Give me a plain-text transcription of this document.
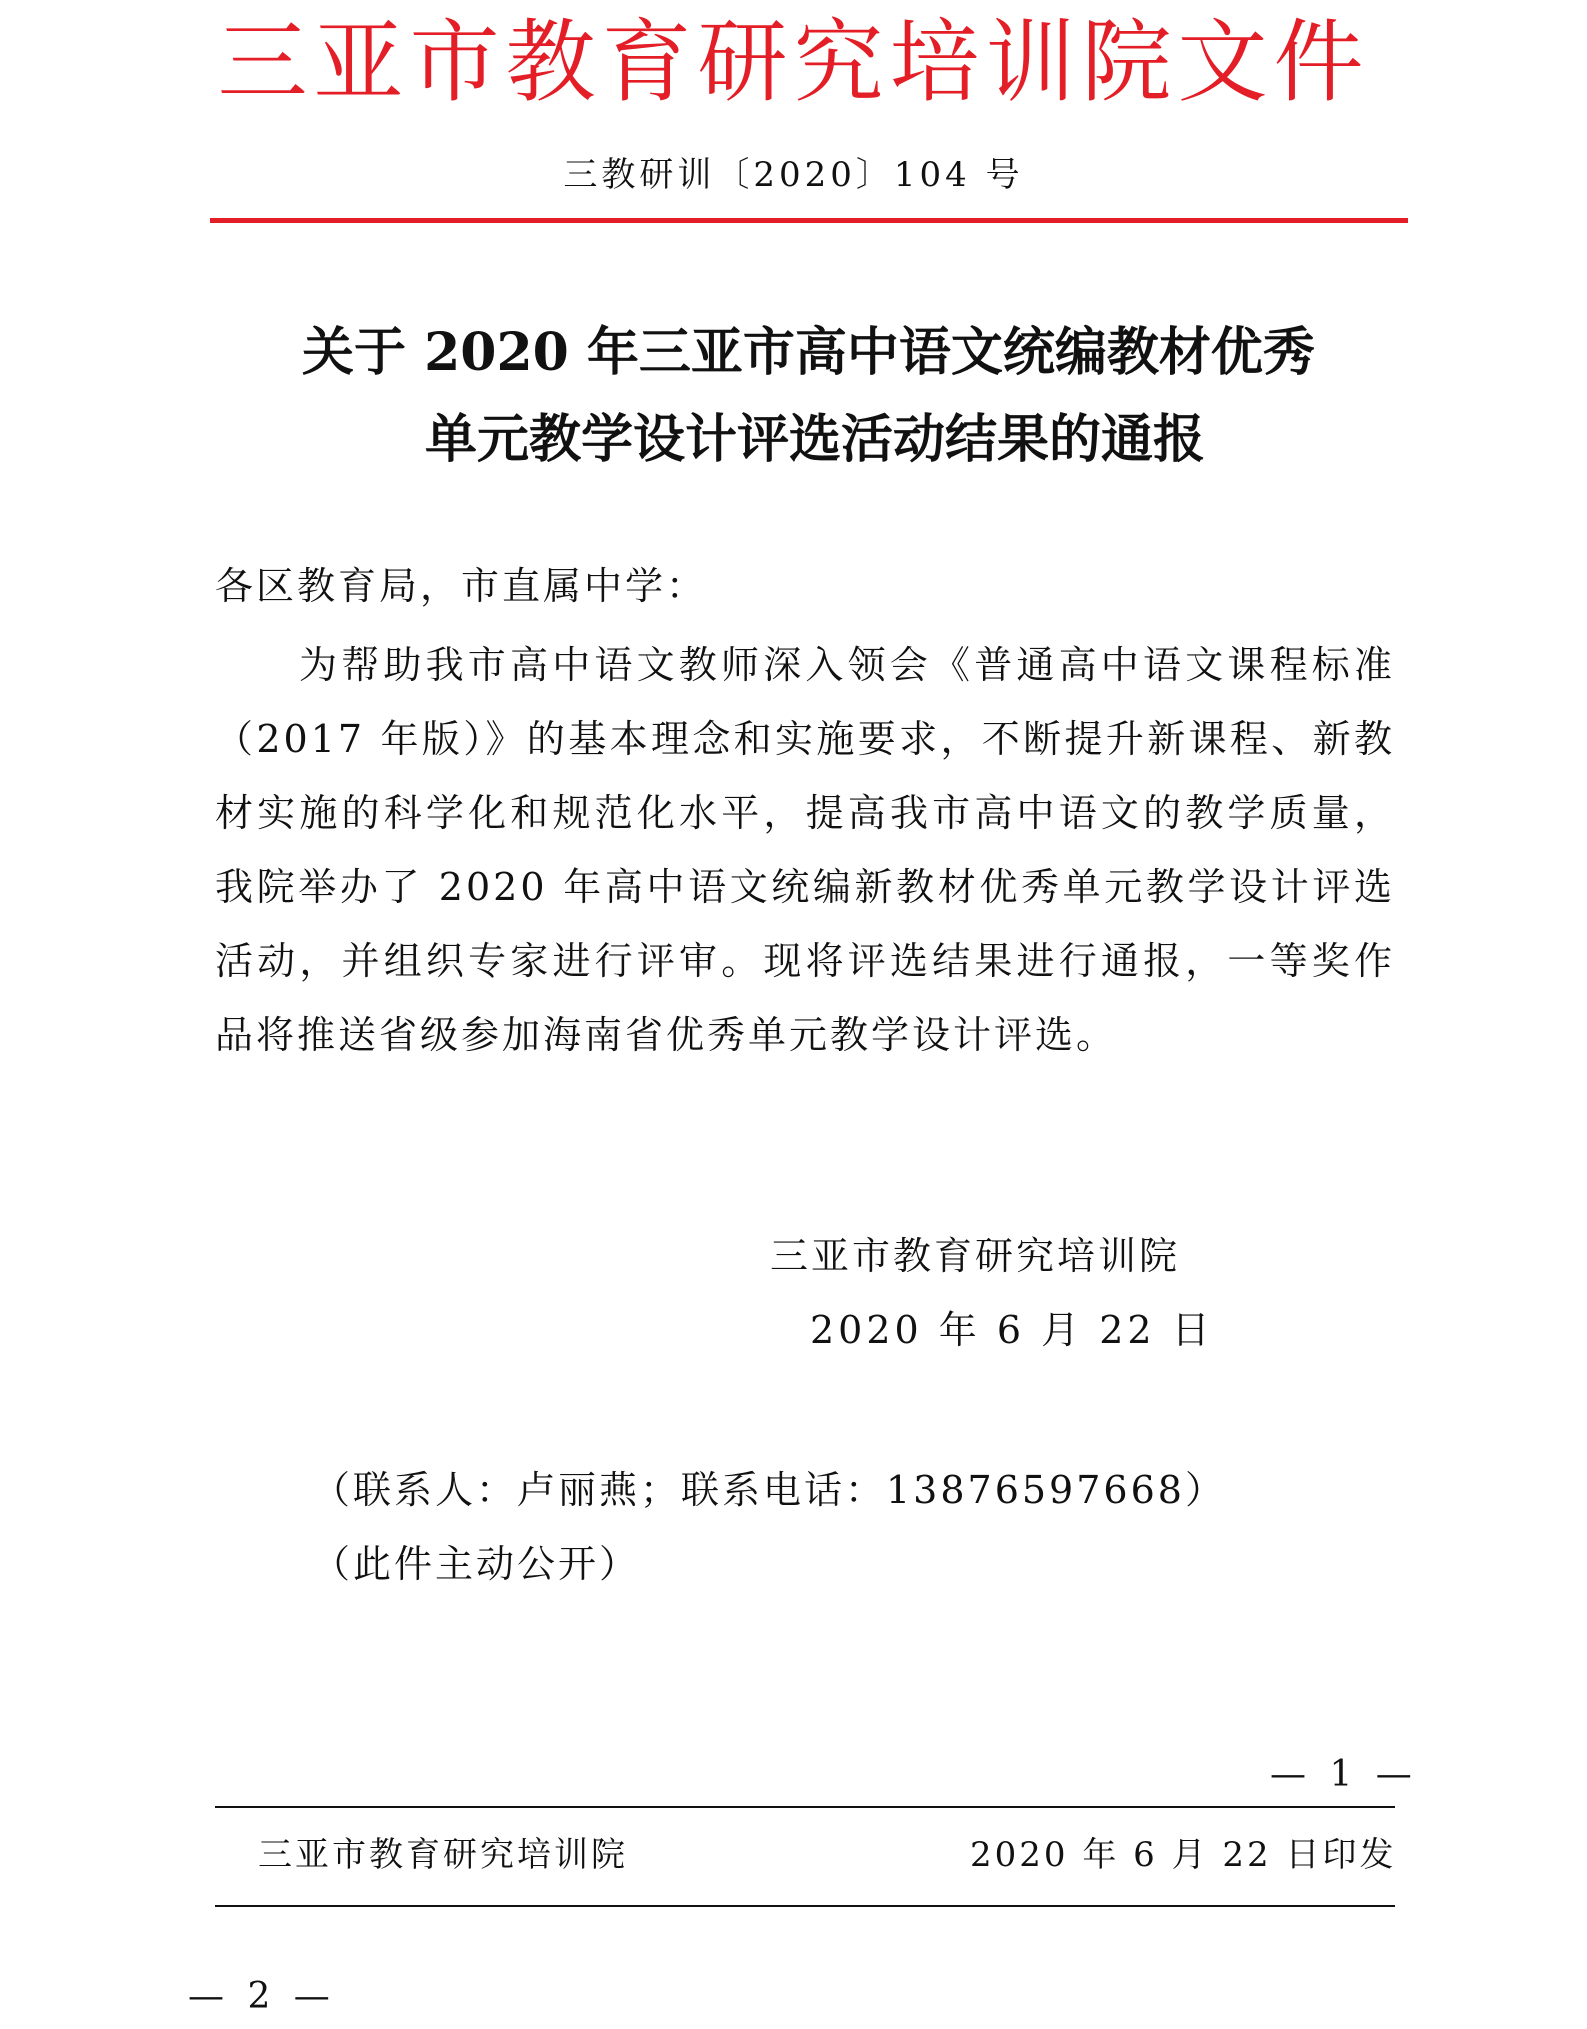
三亚市教育研究培训院文件
三教研训〔2020〕104 号
关于 2020 年三亚市高中语文统编教材优秀
单元教学设计评选活动结果的通报
各区教育局，市直属中学：
为帮助我市高中语文教师深入领会《普通高中语文课程标准（2017 年版）》的基本理念和实施要求，不断提升新课程、新教材实施的科学化和规范化水平，提高我市高中语文的教学质量，我院举办了 2020 年高中语文统编新教材优秀单元教学设计评选活动，并组织专家进行评审。现将评选结果进行通报，一等奖作品将推送省级参加海南省优秀单元教学设计评选。
三亚市教育研究培训院
2020 年 6 月 22 日
（联系人：卢丽燕；联系电话：13876597668）
（此件主动公开）
— 1 —
三亚市教育研究培训院	2020 年 6 月 22 日印发
— 2 —
